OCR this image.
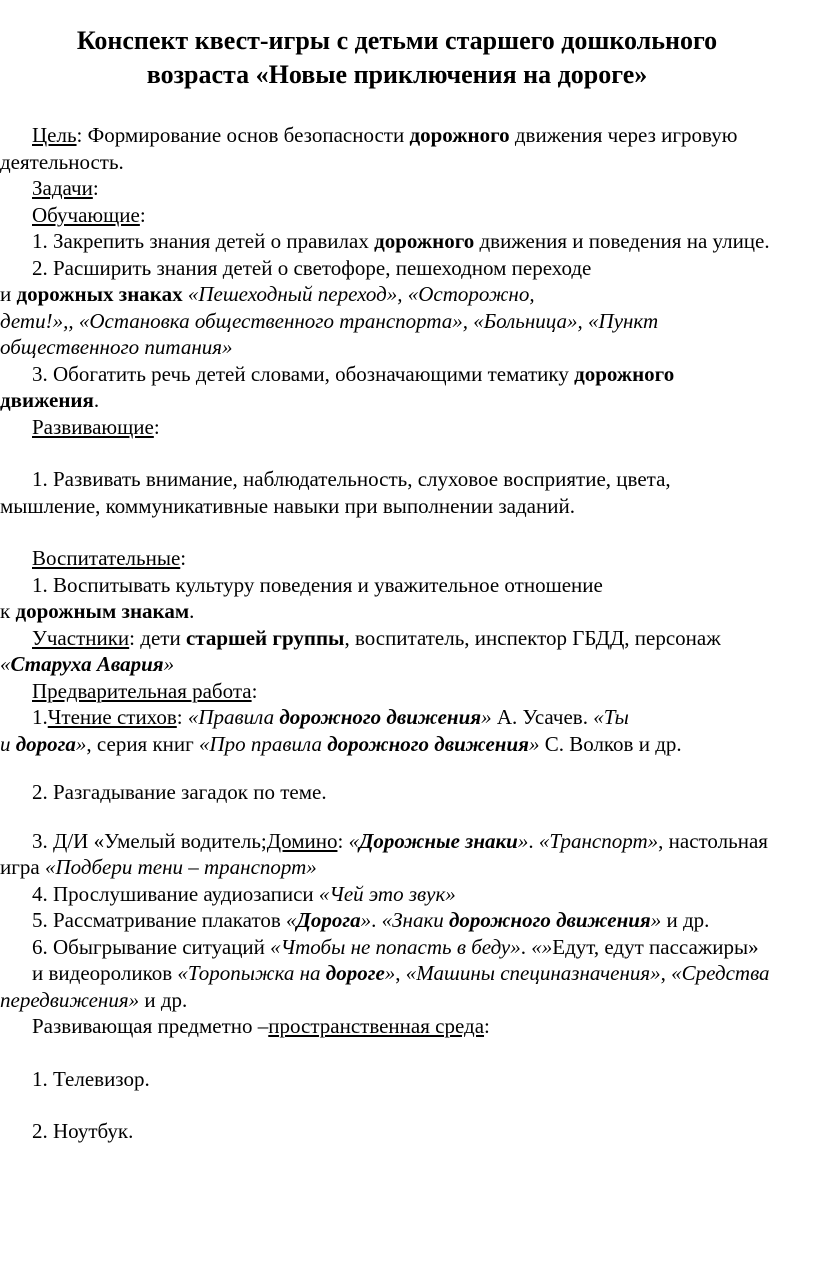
Конспект квест-игры с детьми старшего дошкольного
возраста «Новые приключения на дороге»

Цель: Формирование основ безопасности дорожного движения через игровую деятельность.

Задачи:

Обучающие:

1. Закрепить знания детей о правилах дорожного движения и поведения на улице.

2. Расширить знания детей о светофоре, пешеходном переходе
и дорожных знаках «Пешеходный переход», «Осторожно,
дети!»,, «Остановка общественного транспорта», «Больница», «Пункт общественного питания»

3. Обогатить речь детей словами, обозначающими тематику дорожного движения.

Развивающие:

1. Развивать внимание, наблюдательность, слуховое восприятие, цвета, мышление, коммуникативные навыки при выполнении заданий.

Воспитательные:

1. Воспитывать культуру поведения и уважительное отношение
к дорожным знакам.

Участники: дети старшей группы, воспитатель, инспектор ГБДД, персонаж «Старуха Авария»

Предварительная работа:

1.Чтение стихов: «Правила дорожного движения» А. Усачев. «Ты
и дорога», серия книг «Про правила дорожного движения» С. Волков и др.

2. Разгадывание загадок по теме.

3. Д/И «Умелый водитель;Домино: «Дорожные знаки». «Транспорт», настольная игра «Подбери тени – транспорт»

4. Прослушивание аудиозаписи «Чей это звук»

5. Рассматривание плакатов «Дорога». «Знаки дорожного движения» и др.

6. Обыгрывание ситуаций «Чтобы не попасть в беду». «»Едут, едут пассажиры»

и видеороликов «Торопыжка на дороге», «Машины специназначения», «Средства передвижения» и др.

Развивающая предметно –пространственная среда:

1. Телевизор.

2. Ноутбук.
